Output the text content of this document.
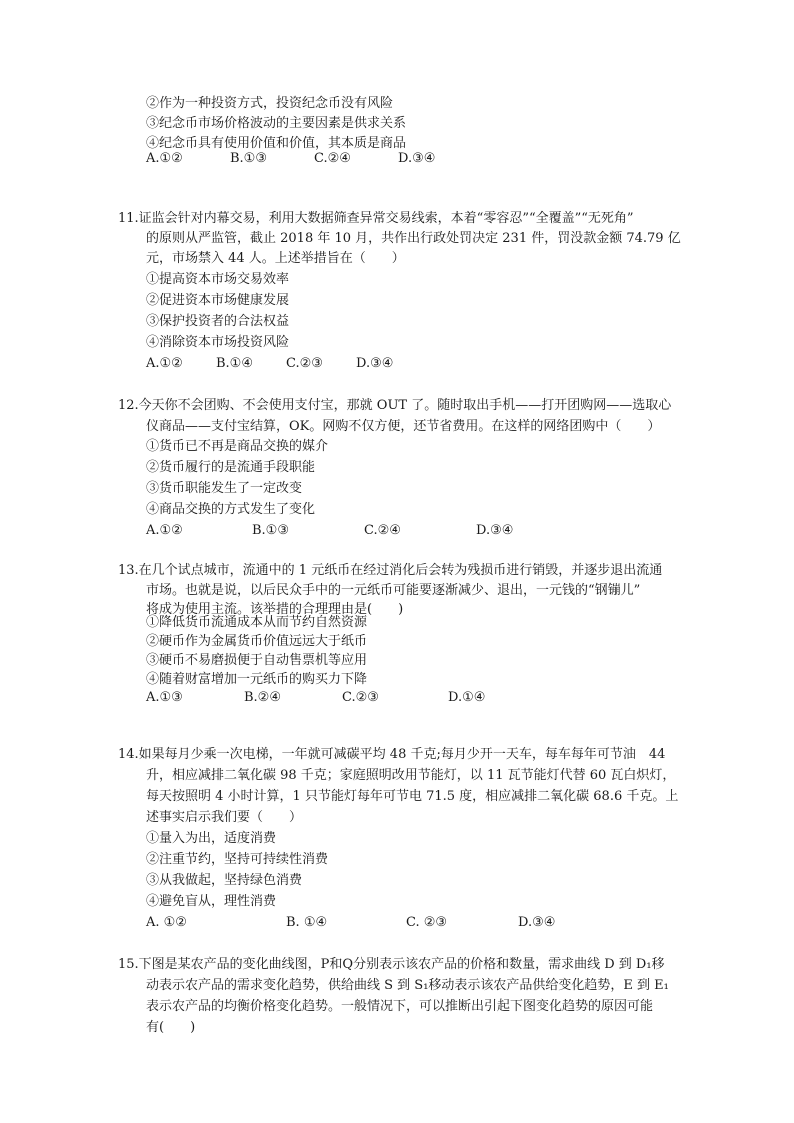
②作为一种投资方式，投资纪念币没有风险
③纪念币市场价格波动的主要因素是供求关系
④纪念币具有使用价值和价值，其本质是商品
A.①②	B.①③	C.②④	D.③④
11.证监会针对内幕交易，利用大数据筛查异常交易线索，本着“零容忍”“全覆盖”“无死角”
的原则从严监管，截止 2018 年 10 月，共作出行政处罚决定 231 件，罚没款金额 74.79 亿
元，市场禁入 44 人。上述举措旨在（　　）
①提高资本市场交易效率
②促进资本市场健康发展
③保护投资者的合法权益
④消除资本市场投资风险
A.①②	B.①④	C.②③	D.③④
12.今天你不会团购、不会使用支付宝，那就 OUT 了。随时取出手机——打开团购网——选取心
仪商品——支付宝结算，OK。网购不仅方便，还节省费用。在这样的网络团购中（　　）
①货币已不再是商品交换的媒介
②货币履行的是流通手段职能
③货币职能发生了一定改变
④商品交换的方式发生了变化
A.①②	B.①③	C.②④	D.③④
13.在几个试点城市，流通中的 1 元纸币在经过消化后会转为残损币进行销毁，并逐步退出流通
市场。也就是说，以后民众手中的一元纸币可能要逐渐减少、退出，一元钱的“钢镚儿”
将成为使用主流。该举措的合理理由是(　　)
①降低货币流通成本从而节约自然资源
②硬币作为金属货币价值远远大于纸币
③硬币不易磨损便于自动售票机等应用
④随着财富增加一元纸币的购买力下降
A.①③	B.②④	C.②③	D.①④
14.如果每月少乘一次电梯，一年就可减碳平均 48 千克;每月少开一天车，每车每年可节油　44
升，相应减排二氧化碳 98 千克；家庭照明改用节能灯，以 11 瓦节能灯代替 60 瓦白炽灯，
每天按照明 4 小时计算，1 只节能灯每年可节电 71.5 度，相应减排二氧化碳 68.6 千克。上
述事实启示我们要（　　）
①量入为出，适度消费
②注重节约，坚持可持续性消费
③从我做起，坚持绿色消费
④避免盲从，理性消费
A. ①②	B. ①④	C. ②③	D.③④
15.下图是某农产品的变化曲线图，P和Q分别表示该农产品的价格和数量，需求曲线 D 到 D₁移
动表示农产品的需求变化趋势，供给曲线 S 到 S₁移动表示该农产品供给变化趋势，E 到 E₁
表示农产品的均衡价格变化趋势。一般情况下，可以推断出引起下图变化趋势的原因可能
有(　　)
